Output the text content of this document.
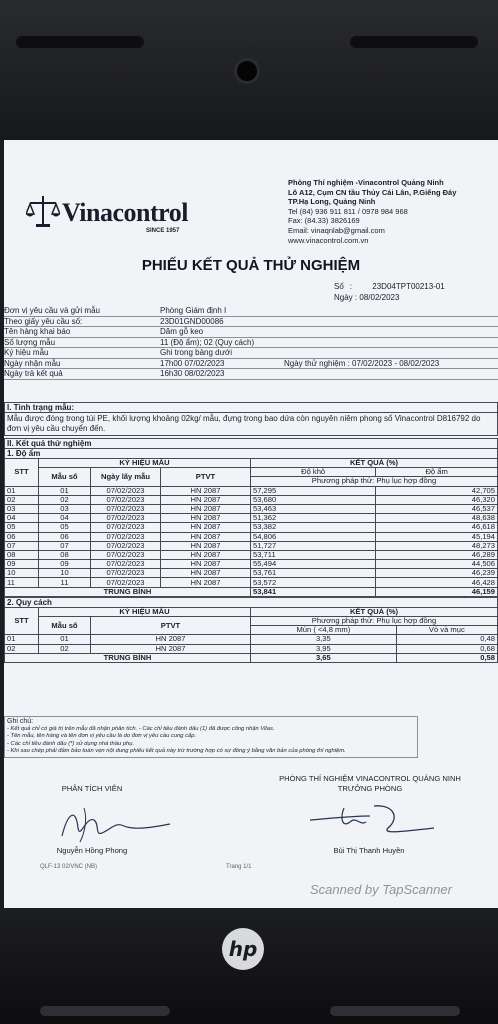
Vinacontrol
SINCE 1957
Phòng Thí nghiệm -Vinacontrol Quảng Ninh
Lô A12, Cụm CN tầu Thủy Cái Lân, P.Giếng Đáy
TP.Hạ Long, Quảng Ninh
Tel (84) 936 911 811 / 0978 984 968
Fax: (84.33) 3826169
Email: vinaqnlab@gmail.com
www.vinacontrol.com.vn
PHIẾU KẾT QUẢ THỬ NGHIỆM
Số :	23D04TPT00213-01
Ngày : 08/02/2023
Đơn vị yêu cầu và gửi mẫu	Phòng Giám định I
Theo giấy yêu cầu số:	23D01GND00086
Tên hàng khai báo	Dăm gỗ keo
Số lượng mẫu	11 (Độ ẩm); 02 (Quy cách)
Ký hiệu mẫu	Ghi trong bảng dưới
Ngày nhận mẫu	17h00 07/02/2023	Ngày thử nghiệm : 07/02/2023 - 08/02/2023
Ngày trả kết quả	16h30 08/02/2023
I. Tình trạng mẫu:
Mẫu được đóng trong túi PE, khối lượng khoảng 02kg/ mẫu, đựng trong bao dứa còn nguyên niêm phong số Vinacontrol D816792 do đơn vị yêu cầu chuyển đến.
II. Kết quả thử nghiệm
1. Độ ẩm
STT	KÝ HIỆU MẪU			KẾT QUẢ (%)	
	Mẫu số	Ngày lấy mẫu	PTVT	Độ khô	Độ ẩm
				Phương pháp thử: Phụ lục hợp đồng	
01	01	07/02/2023	HN 2087	57,295	42,705
02	02	07/02/2023	HN 2087	53,680	46,320
03	03	07/02/2023	HN 2087	53,463	46,537
04	04	07/02/2023	HN 2087	51,362	48,638
05	05	07/02/2023	HN 2087	53,382	46,618
06	06	07/02/2023	HN 2087	54,806	45,194
07	07	07/02/2023	HN 2087	51,727	48,273
08	08	07/02/2023	HN 2087	53,711	46,289
09	09	07/02/2023	HN 2087	55,494	44,506
10	10	07/02/2023	HN 2087	53,761	46,239
11	11	07/02/2023	HN 2087	53,572	46,428
TRUNG BÌNH				53,841	46,159
2. Quy cách
STT	KÝ HIỆU MẪU		KẾT QUẢ (%)	
	Mẫu số	PTVT	Phương pháp thử: Phụ lục hợp đồng	
			Mùn ( <4,8 mm)	Vỏ và mục
01	01	HN 2087	3,35	0,48
02	02	HN 2087	3,95	0,68
TRUNG BÌNH			3,65	0,58
Ghi chú:
- Kết quả chỉ có giá trị trên mẫu đã nhận phân tích. - Các chỉ tiêu đánh dấu (1) đã được công nhận Vilas.
- Tên mẫu, tên hàng và tên đơn vị yêu cầu là do đơn vị yêu cầu cung cấp.
- Các chỉ tiêu đánh dấu (*) sử dụng nhà thầu phụ.
- Khi sao chép phải đảm bảo toàn vẹn nội dung phiếu kết quả này trừ trường hợp có sự đồng ý bằng văn bản của phòng thí nghiệm.
PHÒNG THÍ NGHIỆM VINACONTROL QUẢNG NINH
TRƯỞNG PHÒNG
PHÂN TÍCH VIÊN
Nguyễn Hồng Phong	Bùi Thị Thanh Huyền
QLF-13 02/VNC (NB)	Trang 1/1
Scanned by TapScanner
hp
